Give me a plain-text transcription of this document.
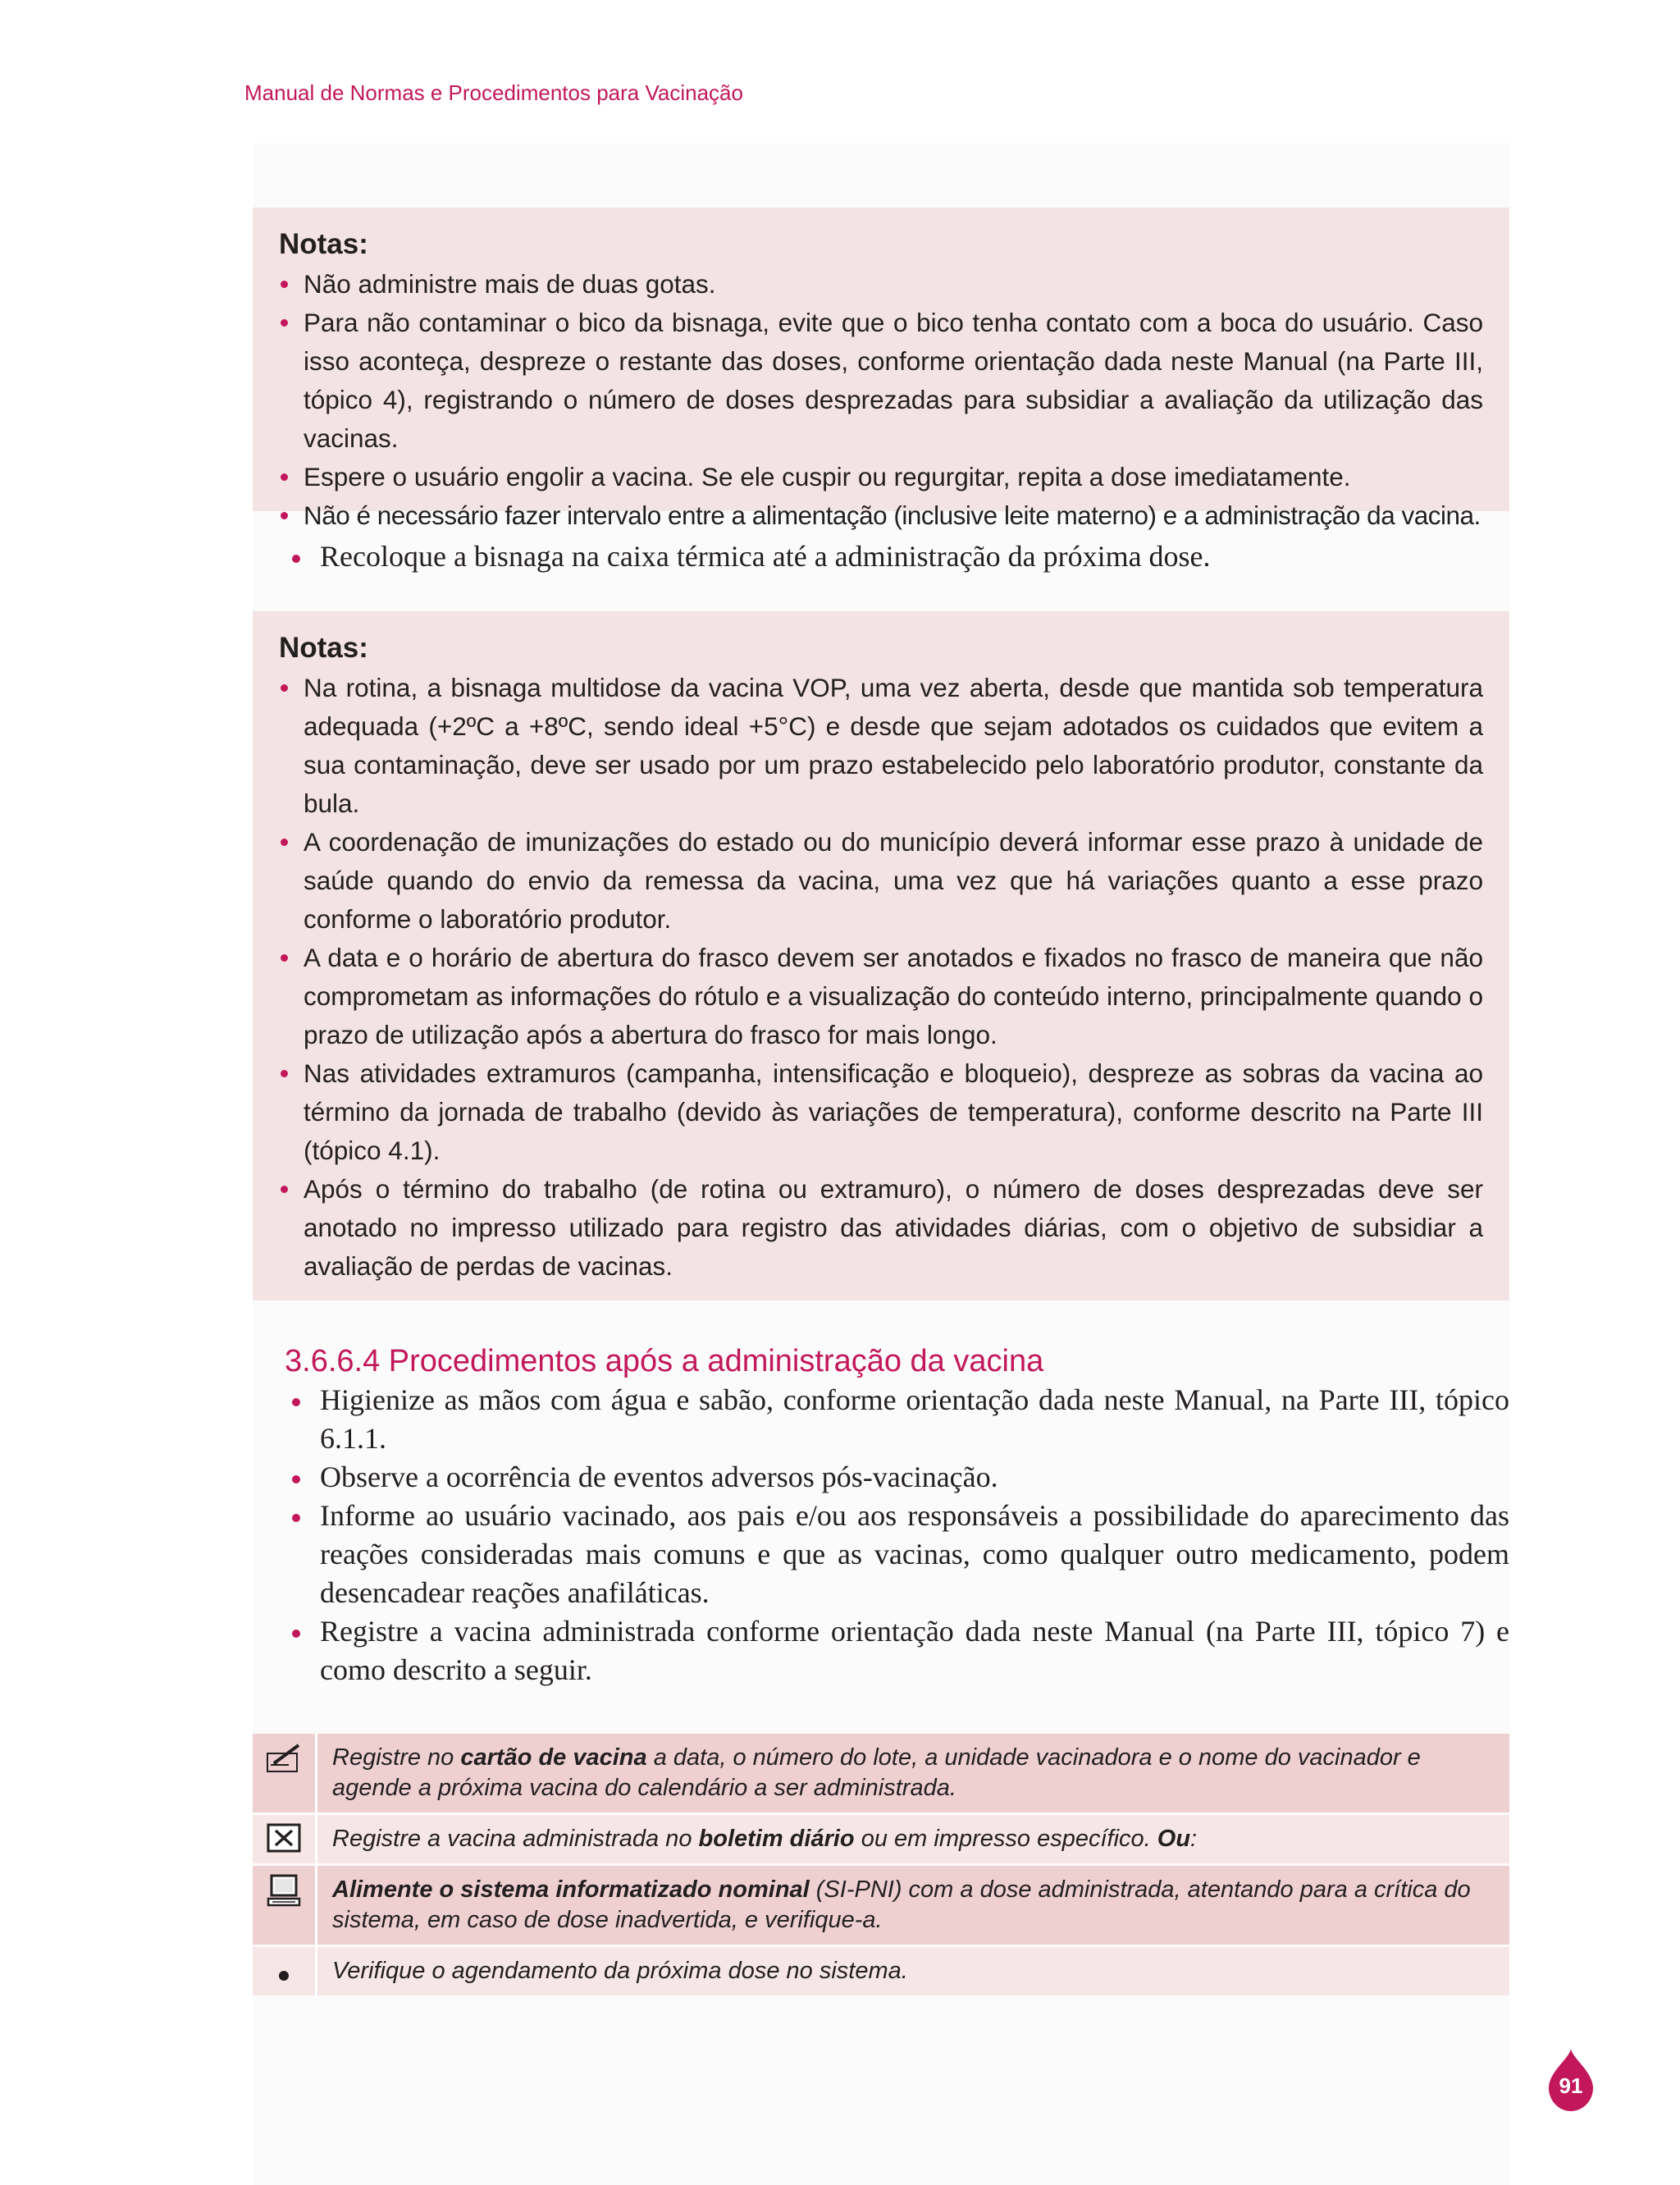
Manual de Normas e Procedimentos para Vacinação
Notas:
Não administre mais de duas gotas.
Para não contaminar o bico da bisnaga, evite que o bico tenha contato com a boca do usuário. Caso isso aconteça, despreze o restante das doses, conforme orientação dada neste Manual (na Parte III, tópico 4), registrando o número de doses desprezadas para subsidiar a avaliação da utilização das vacinas.
Espere o usuário engolir a vacina. Se ele cuspir ou regurgitar, repita a dose imediatamente.
Não é necessário fazer intervalo entre a alimentação (inclusive leite materno) e a administração da vacina.
Recoloque a bisnaga na caixa térmica até a administração da próxima dose.
Notas:
Na rotina, a bisnaga multidose da vacina VOP, uma vez aberta, desde que mantida sob temperatura adequada (+2ºC a +8ºC, sendo ideal +5°C) e desde que sejam adotados os cuidados que evitem a sua contaminação, deve ser usado por um prazo estabelecido pelo laboratório produtor, constante da bula.
A coordenação de imunizações do estado ou do município deverá informar esse prazo à unidade de saúde quando do envio da remessa da vacina, uma vez que há variações quanto a esse prazo conforme o laboratório produtor.
A data e o horário de abertura do frasco devem ser anotados e fixados no frasco de maneira que não comprometam as informações do rótulo e a visualização do conteúdo interno, principalmente quando o prazo de utilização após a abertura do frasco for mais longo.
Nas atividades extramuros (campanha, intensificação e bloqueio), despreze as sobras da vacina ao término da jornada de trabalho (devido às variações de temperatura), conforme descrito na Parte III (tópico 4.1).
Após o término do trabalho (de rotina ou extramuro), o número de doses desprezadas deve ser anotado no impresso utilizado para registro das atividades diárias, com o objetivo de subsidiar a avaliação de perdas de vacinas.
3.6.6.4 Procedimentos após a administração da vacina
Higienize as mãos com água e sabão, conforme orientação dada neste Manual, na Parte III, tópico 6.1.1.
Observe a ocorrência de eventos adversos pós-vacinação.
Informe ao usuário vacinado, aos pais e/ou aos responsáveis a possibilidade do aparecimento das reações consideradas mais comuns e que as vacinas, como qualquer outro medicamento, podem desencadear reações anafiláticas.
Registre a vacina administrada conforme orientação dada neste Manual (na Parte III, tópico 7) e como descrito a seguir.
	Registre no cartão de vacina a data, o número do lote, a unidade vacinadora e o nome do vacinador e agende a próxima vacina do calendário a ser administrada.
	Registre a vacina administrada no boletim diário ou em impresso específico. Ou:
	Alimente o sistema informatizado nominal (SI-PNI) com a dose administrada, atentando para a crítica do sistema, em caso de dose inadvertida, e verifique-a.
	Verifique o agendamento da próxima dose no sistema.
91
